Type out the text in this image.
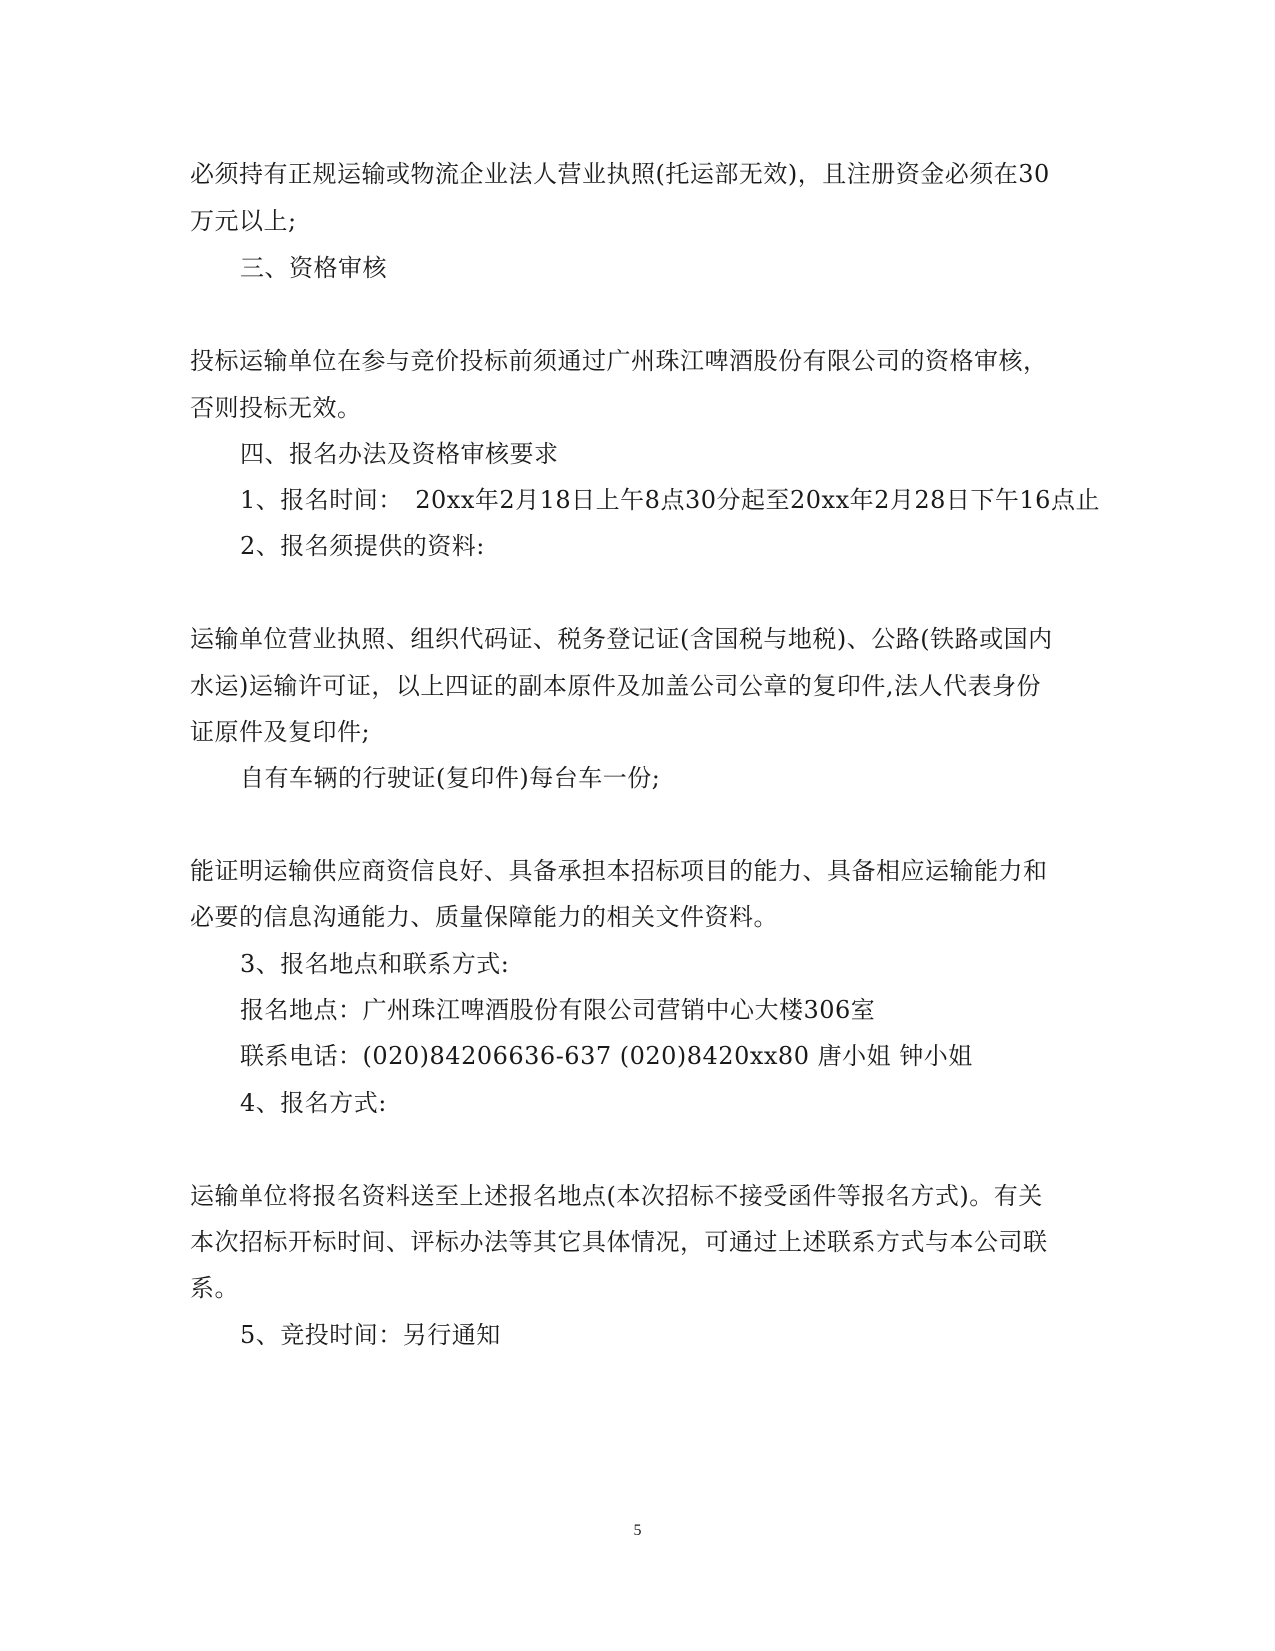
必须持有正规运输或物流企业法人营业执照(托运部无效)，且注册资金必须在30
万元以上;
三、资格审核
投标运输单位在参与竞价投标前须通过广州珠江啤酒股份有限公司的资格审核，
否则投标无效。
四、报名办法及资格审核要求
1、报名时间：　20xx年2月18日上午8点30分起至20xx年2月28日下午16点止
2、报名须提供的资料:
运输单位营业执照、组织代码证、税务登记证(含国税与地税)、公路(铁路或国内
水运)运输许可证，以上四证的副本原件及加盖公司公章的复印件,法人代表身份
证原件及复印件;
自有车辆的行驶证(复印件)每台车一份;
能证明运输供应商资信良好、具备承担本招标项目的能力、具备相应运输能力和
必要的信息沟通能力、质量保障能力的相关文件资料。
3、报名地点和联系方式:
报名地点：广州珠江啤酒股份有限公司营销中心大楼306室
联系电话：(020)84206636-637 (020)8420xx80 唐小姐 钟小姐
4、报名方式:
运输单位将报名资料送至上述报名地点(本次招标不接受函件等报名方式)。有关
本次招标开标时间、评标办法等其它具体情况，可通过上述联系方式与本公司联
系。
5、竞投时间：另行通知
5
